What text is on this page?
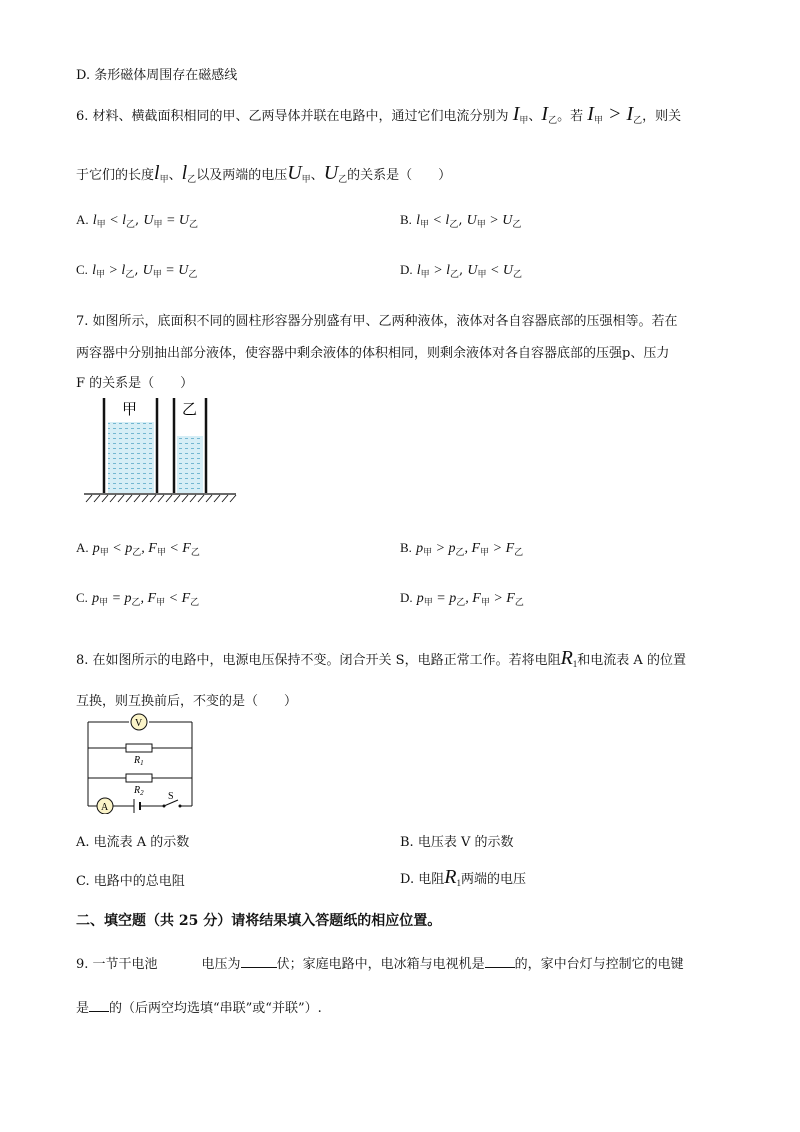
D. 条形磁体周围存在磁感线
6. 材料、横截面积相同的甲、乙两导体并联在电路中，通过它们电流分别为 I甲、I乙。若 I甲 > I乙，则关
于它们的长度l甲、l乙以及两端的电压U甲、U乙的关系是（　　）
A. $l_甲 < l_乙$, $U_甲 = U_乙$	B. $l_甲 < l_乙$, $U_甲 > U_乙$
C. $l_甲 > l_乙$, $U_甲 = U_乙$	D. $l_甲 > l_乙$, $U_甲 < U_乙$
7. 如图所示，底面积不同的圆柱形容器分别盛有甲、乙两种液体，液体对各自容器底部的压强相等。若在
两容器中分别抽出部分液体，使容器中剩余液体的体积相同，则剩余液体对各自容器底部的压强p、压力
F 的关系是（　　）
甲	乙
A. $p_甲 < p_乙$, $F_甲 < F_乙$	B. $p_甲 > p_乙$, $F_甲 > F_乙$
C. $p_甲 = p_乙$, $F_甲 < F_乙$	D. $p_甲 = p_乙$, $F_甲 > F_乙$
8. 在如图所示的电路中，电源电压保持不变。闭合开关 S，电路正常工作。若将电阻R1和电流表 A 的位置
互换，则互换前后，不变的是（　　）
V
A
$R_1$
$R_2$ S
A. 电流表 A 的示数	B. 电压表 V 的示数
C. 电路中的总电阻	D. 电阻R1两端的电压
二、填空题（共 25 分）请将结果填入答题纸的相应位置。
9. 一节干电池	电压为	伏；家庭电路中，电冰箱与电视机是 的，家中台灯与控制它的电键
是 的（后两空均选填“串联”或“并联”）.
